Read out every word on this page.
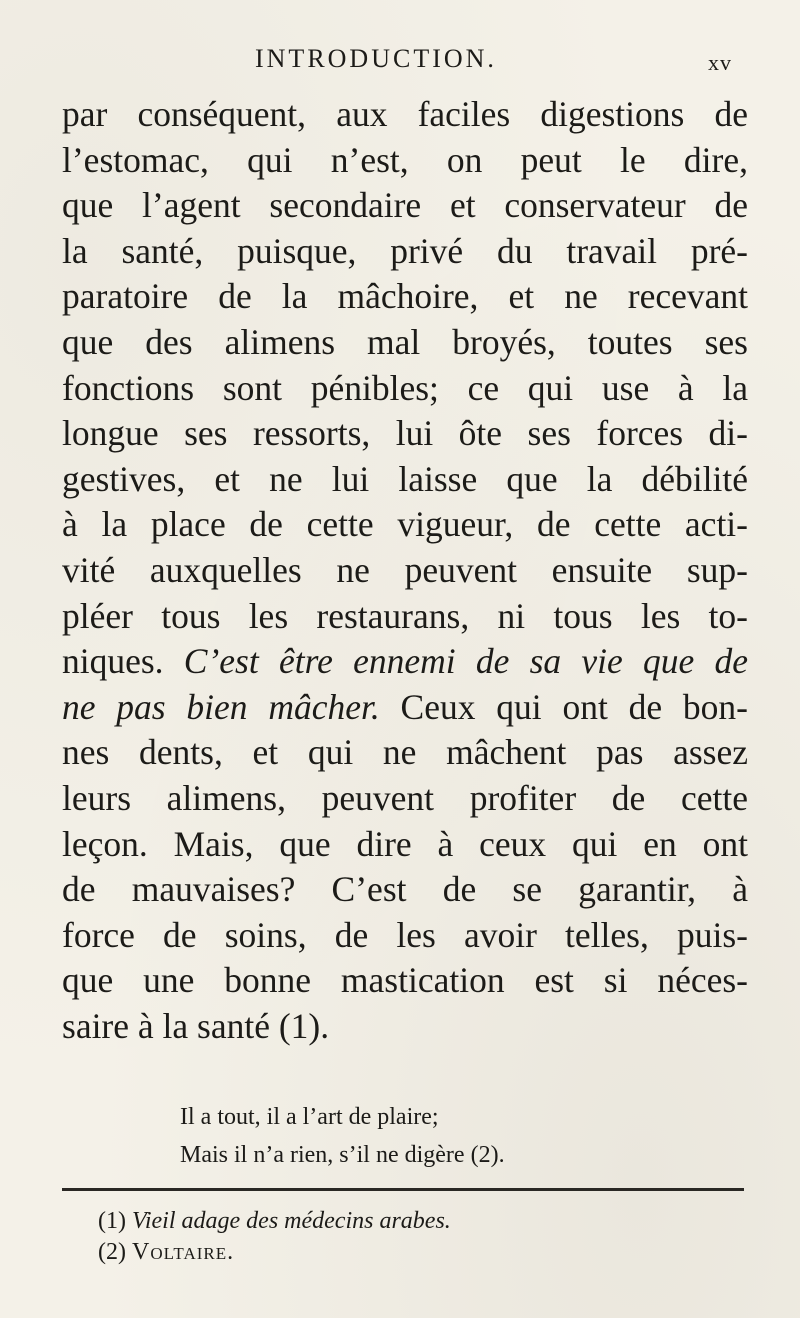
INTRODUCTION.	xv
par conséquent, aux faciles digestions de
l’estomac, qui n’est, on peut le dire,
que l’agent secondaire et conservateur de
la santé, puisque, privé du travail pré-
paratoire de la mâchoire, et ne recevant
que des alimens mal broyés, toutes ses
fonctions sont pénibles; ce qui use à la
longue ses ressorts, lui ôte ses forces di-
gestives, et ne lui laisse que la débilité
à la place de cette vigueur, de cette acti-
vité auxquelles ne peuvent ensuite sup-
pléer tous les restaurans, ni tous les to-
niques. C’est être ennemi de sa vie que de
ne pas bien mâcher. Ceux qui ont de bon-
nes dents, et qui ne mâchent pas assez
leurs alimens, peuvent profiter de cette
leçon. Mais, que dire à ceux qui en ont
de mauvaises? C’est de se garantir, à
force de soins, de les avoir telles, puis-
que une bonne mastication est si néces-
saire à la santé (1).
Il a tout, il a l’art de plaire;
Mais il n’a rien, s’il ne digère (2).
(1) Vieil adage des médecins arabes.
(2) Voltaire.
